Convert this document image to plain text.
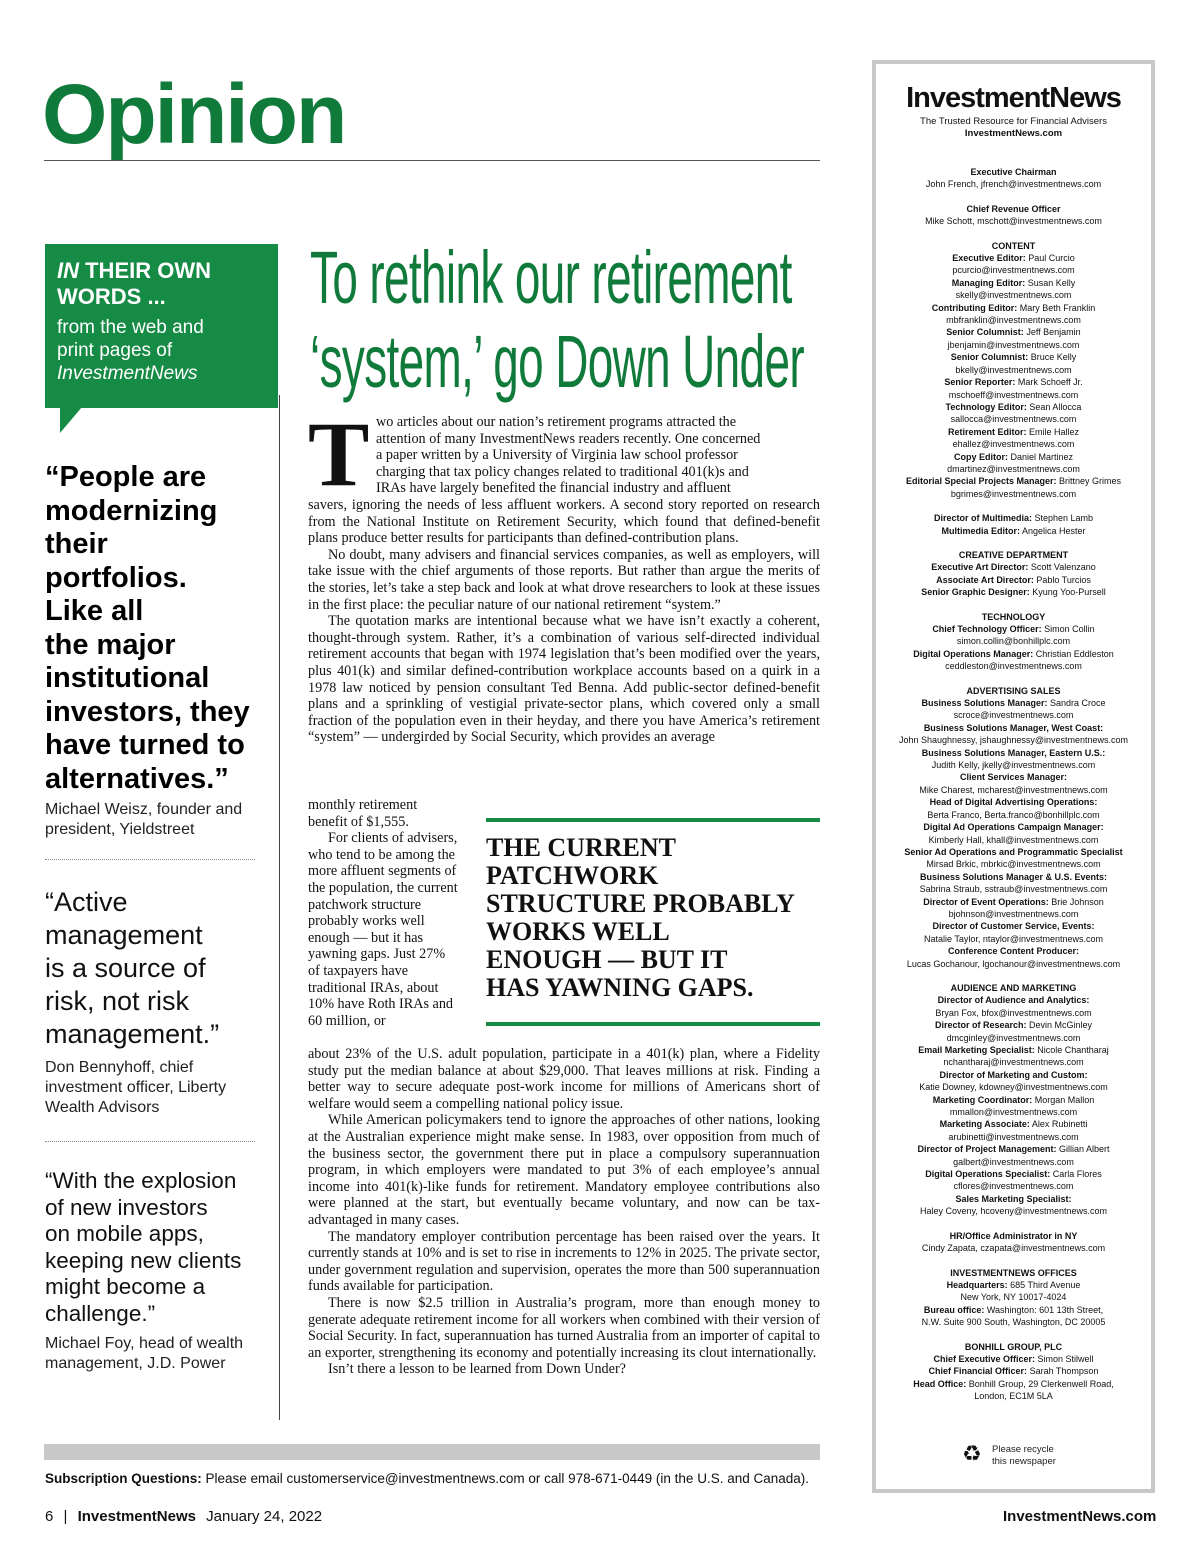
Opinion
IN THEIR OWN
WORDS ...
from the web and
print pages of
InvestmentNews
“People are
modernizing
their
portfolios.
Like all
the major
institutional
investors, they
have turned to
alternatives.”
Michael Weisz, founder and
president, Yieldstreet
“Active
management
is a source of
risk, not risk
management.”
Don Bennyhoff, chief
investment officer, Liberty
Wealth Advisors
“With the explosion
of new investors
on mobile apps,
keeping new clients
might become a
challenge.”
Michael Foy, head of wealth
management, J.D. Power
To rethink our retirement
‘system,’ go Down Under
T wo articles about our nation’s retirement programs attracted the
attention of many InvestmentNews readers recently. One concerned
a paper written by a University of Virginia law school professor
charging that tax policy changes related to traditional 401(k)s and
IRAs have largely benefited the financial industry and affluent

savers, ignoring the needs of less affluent workers. A second story reported on research from the National Institute on Retirement Security, which found that defined-benefit plans produce better results for participants than defined-contribution plans.

No doubt, many advisers and financial services companies, as well as employers, will take issue with the chief arguments of those reports. But rather than argue the merits of the stories, let’s take a step back and look at what drove researchers to look at these issues in the first place: the peculiar nature of our national retirement “system.”

The quotation marks are intentional because what we have isn’t exactly a coherent, thought-through system. Rather, it’s a combination of various self-directed individual retirement accounts that began with 1974 legislation that’s been modified over the years, plus 401(k) and similar defined-contribution workplace accounts based on a quirk in a 1978 law noticed by pension consultant Ted Benna. Add public-sector defined-benefit plans and a sprinkling of vestigial private-sector plans, which covered only a small fraction of the population even in their heyday, and there you have America’s retirement “system” — undergirded by Social Security, which provides an average

monthly retirement benefit of $1,555.

For clients of advisers, who tend to be among the more affluent segments of the population, the current patchwork structure probably works well enough — but it has yawning gaps. Just 27% of taxpayers have traditional IRAs, about 10% have Roth IRAs and 60 million, or

THE CURRENT
PATCHWORK
STRUCTURE PROBABLY
WORKS WELL
ENOUGH — BUT IT
HAS YAWNING GAPS.

about 23% of the U.S. adult population, participate in a 401(k) plan, where a Fidelity study put the median balance at about $29,000. That leaves millions at risk. Finding a better way to secure adequate post-work income for millions of Americans short of welfare would seem a compelling national policy issue.

While American policymakers tend to ignore the approaches of other nations, looking at the Australian experience might make sense. In 1983, over opposition from much of the business sector, the government there put in place a compulsory superannuation program, in which employers were mandated to put 3% of each employee’s annual income into 401(k)-like funds for retirement. Mandatory employee contributions also were planned at the start, but eventually became voluntary, and now can be tax-advantaged in many cases.

The mandatory employer contribution percentage has been raised over the years. It currently stands at 10% and is set to rise in increments to 12% in 2025. The private sector, under government regulation and supervision, operates the more than 500 superannuation funds available for participation.

There is now $2.5 trillion in Australia’s program, more than enough money to generate adequate retirement income for all workers when combined with their version of Social Security. In fact, superannuation has turned Australia from an importer of capital to an exporter, strengthening its economy and potentially increasing its clout internationally.

Isn’t there a lesson to be learned from Down Under?

InvestmentNews
The Trusted Resource for Financial Advisers
InvestmentNews.com
Executive Chairman
John French, jfrench@investmentnews.com
Chief Revenue Officer
Mike Schott, mschott@investmentnews.com
CONTENT
Executive Editor: Paul Curcio
pcurcio@investmentnews.com
Managing Editor: Susan Kelly
skelly@investmentnews.com
Contributing Editor: Mary Beth Franklin
mbfranklin@investmentnews.com
Senior Columnist: Jeff Benjamin
jbenjamin@investmentnews.com
Senior Columnist: Bruce Kelly
bkelly@investmentnews.com
Senior Reporter: Mark Schoeff Jr.
mschoeff@investmentnews.com
Technology Editor: Sean Allocca
sallocca@investmentnews.com
Retirement Editor: Emile Hallez
ehallez@investmentnews.com
Copy Editor: Daniel Martinez
dmartinez@investmentnews.com
Editorial Special Projects Manager: Brittney Grimes
bgrimes@investmentnews.com
Director of Multimedia: Stephen Lamb
Multimedia Editor: Angelica Hester
CREATIVE DEPARTMENT
Executive Art Director: Scott Valenzano
Associate Art Director: Pablo Turcios
Senior Graphic Designer: Kyung Yoo-Pursell
TECHNOLOGY
Chief Technology Officer: Simon Collin
simon.collin@bonhillplc.com
Digital Operations Manager: Christian Eddleston
ceddleston@investmentnews.com
ADVERTISING SALES
Business Solutions Manager: Sandra Croce
scroce@investmentnews.com
Business Solutions Manager, West Coast:
John Shaughnessy, jshaughnessy@investmentnews.com
Business Solutions Manager, Eastern U.S.:
Judith Kelly, jkelly@investmentnews.com
Client Services Manager:
Mike Charest, mcharest@investmentnews.com
Head of Digital Advertising Operations:
Berta Franco, Berta.franco@bonhillplc.com
Digital Ad Operations Campaign Manager:
Kimberly Hall, khall@investmentnews.com
Senior Ad Operations and Programmatic Specialist
Mirsad Brkic, mbrkic@investmentnews.com
Business Solutions Manager & U.S. Events:
Sabrina Straub, sstraub@investmentnews.com
Director of Event Operations: Brie Johnson
bjohnson@investmentnews.com
Director of Customer Service, Events:
Natalie Taylor, ntaylor@investmentnews.com
Conference Content Producer:
Lucas Gochanour, lgochanour@investmentnews.com
AUDIENCE AND MARKETING
Director of Audience and Analytics:
Bryan Fox, bfox@investmentnews.com
Director of Research: Devin McGinley
dmcginley@investmentnews.com
Email Marketing Specialist: Nicole Chantharaj
nchantharaj@investmentnews.com
Director of Marketing and Custom:
Katie Downey, kdowney@investmentnews.com
Marketing Coordinator: Morgan Mallon
mmallon@investmentnews.com
Marketing Associate: Alex Rubinetti
arubinetti@investmentnews.com
Director of Project Management: Gillian Albert
galbert@investmentnews.com
Digital Operations Specialist: Carla Flores
cflores@investmentnews.com
Sales Marketing Specialist:
Haley Coveny, hcoveny@investmentnews.com
HR/Office Administrator in NY
Cindy Zapata, czapata@investmentnews.com
INVESTMENTNEWS OFFICES
Headquarters: 685 Third Avenue
New York, NY 10017-4024
Bureau office: Washington: 601 13th Street,
N.W. Suite 900 South, Washington, DC 20005
BONHILL GROUP, PLC
Chief Executive Officer: Simon Stilwell
Chief Financial Officer: Sarah Thompson
Head Office: Bonhill Group, 29 Clerkenwell Road,
London, EC1M 5LA
♻ Please recycle
this newspaper
Subscription Questions: Please email customerservice@investmentnews.com or call 978-671-0449 (in the U.S. and Canada).
6 | InvestmentNews January 24, 2022	InvestmentNews.com
